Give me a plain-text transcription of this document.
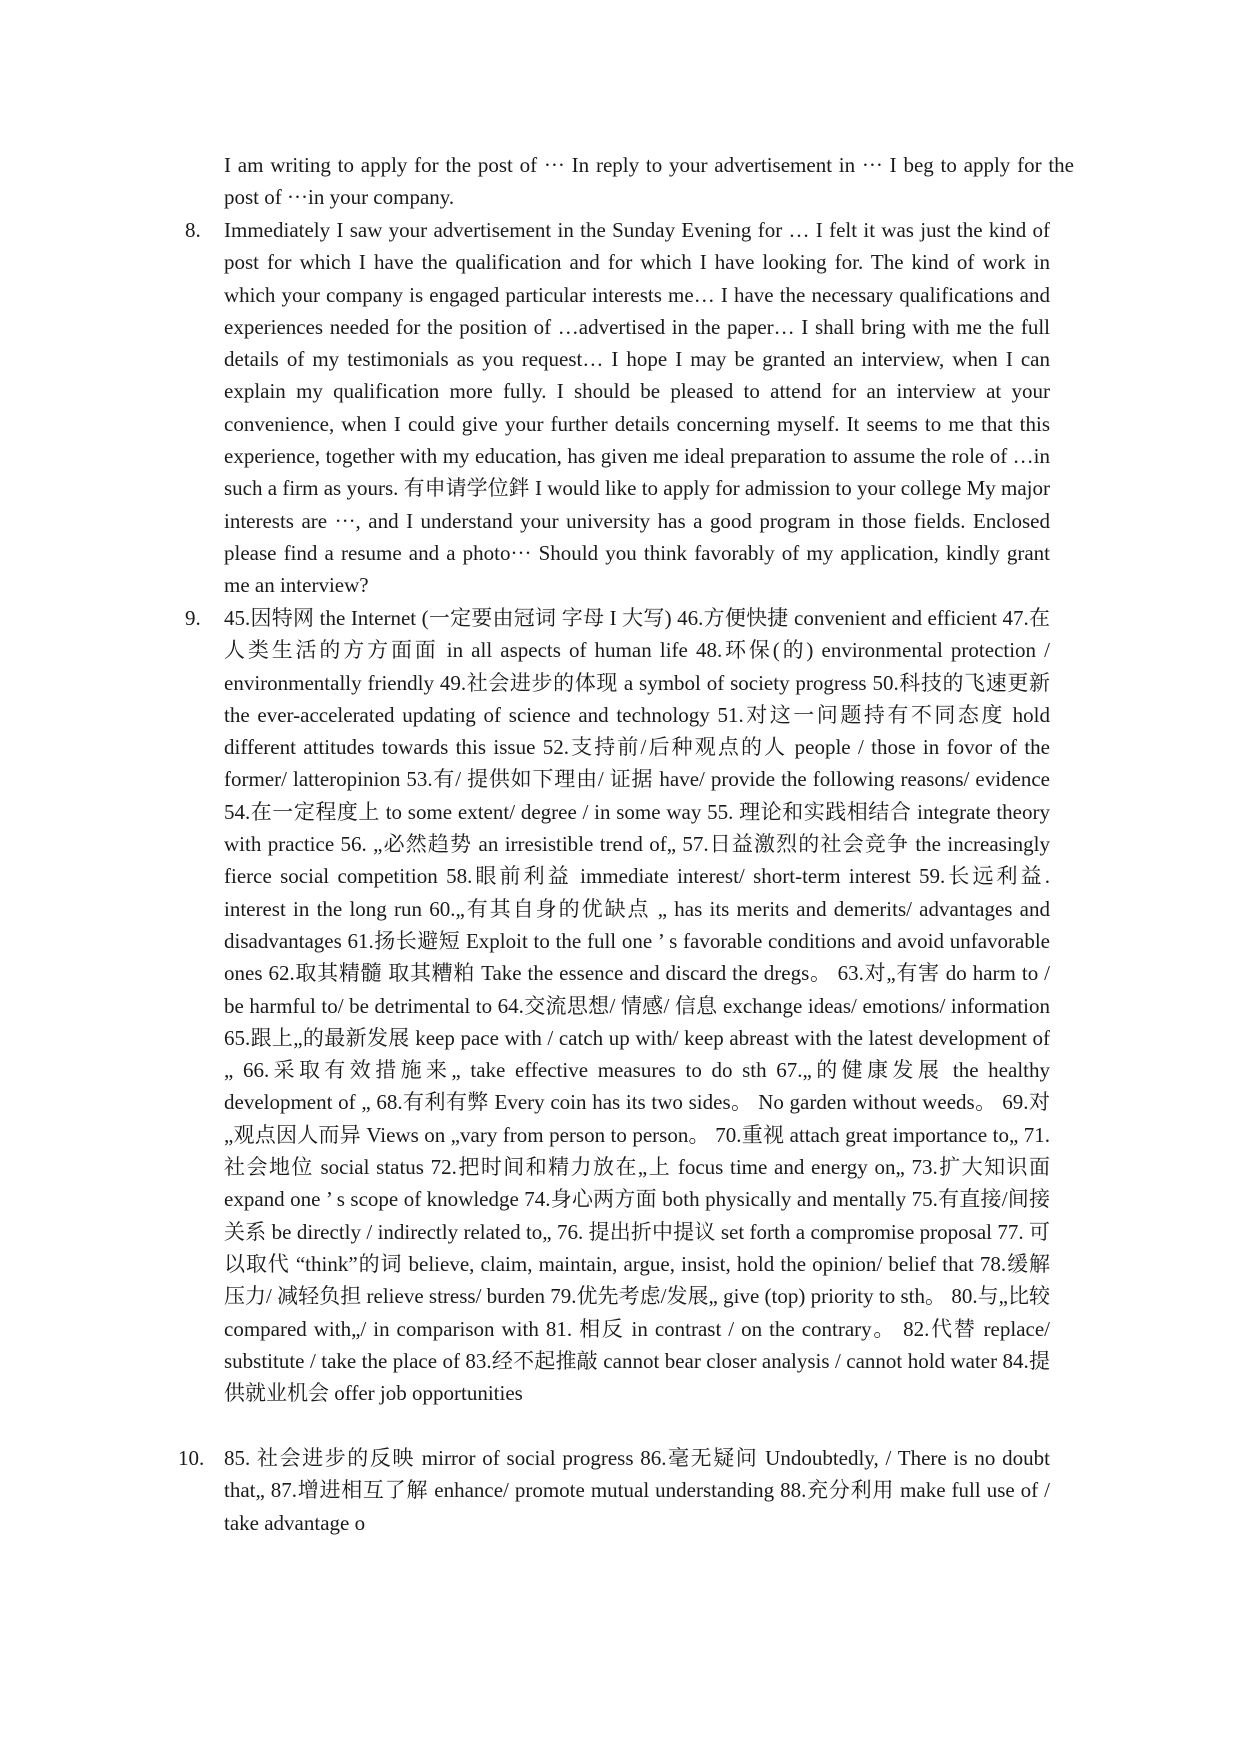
I am writing to apply for the post of ··· In reply to your advertisement in ··· I beg to apply for the post of ···in your company.
8.	Immediately I saw your advertisement in the Sunday Evening for … I felt it was just the kind of post for which I have the qualification and for which I have looking for. The kind of work in which your company is engaged particular interests me… I have the necessary qualifications and experiences needed for the position of …advertised in the paper… I shall bring with me the full details of my testimonials as you request… I hope I may be granted an interview, when I can explain my qualification more fully. I should be pleased to attend for an interview at your convenience, when I could give your further details concerning myself. It seems to me that this experience, together with my education, has given me ideal preparation to assume the role of …in such a firm as yours. 有申请学位鉡 I would like to apply for admission to your college My major interests are ···, and I understand your university has a good program in those fields. Enclosed please find a resume and a photo··· Should you think favorably of my application, kindly grant me an interview?
9.	45.因特网 the Internet (一定要由冠词 字母 I 大写) 46.方便快捷 convenient and efficient 47.在人类生活的方方面面 in all aspects of human life 48.环保(的) environmental protection / environmentally friendly 49.社会进步的体现 a symbol of society progress 50.科技的飞速更新 the ever-accelerated updating of science and technology 51.对这一问题持有不同态度 hold different attitudes towards this issue 52.支持前/后种观点的人 people / those in fovor of the former/ latteropinion 53.有/ 提供如下理由/ 证据 have/ provide the following reasons/ evidence 54.在一定程度上 to some extent/ degree / in some way 55. 理论和实践相结合 integrate theory with practice 56. „必然趋势 an irresistible trend of„ 57.日益激烈的社会竞争 the increasingly fierce social competition 58.眼前利益 immediate interest/ short-term interest 59.长远利益. interest in the long run 60.„有其自身的优缺点 „ has its merits and demerits/ advantages and disadvantages 61.扬长避短 Exploit to the full one ’ s favorable conditions and avoid unfavorable ones 62.取其精髓 取其糟粕 Take the essence and discard the dregs。 63.对„有害 do harm to / be harmful to/ be detrimental to 64.交流思想/ 情感/ 信息 exchange ideas/ emotions/ information 65.跟上„的最新发展 keep pace with / catch up with/ keep abreast with the latest development of „ 66.采取有效措施来„ take effective measures to do sth 67.„的健康发展 the healthy development of „ 68.有利有弊 Every coin has its two sides。 No garden without weeds。 69.对„观点因人而异 Views on „vary from person to person。 70.重视 attach great importance to„ 71.社会地位 social status 72.把时间和精力放在„上 focus time and energy on„ 73.扩大知识面 expand one ’ s scope of knowledge 74.身心两方面 both physically and mentally 75.有直接/间接关系 be directly / indirectly related to„ 76. 提出折中提议 set forth a compromise proposal 77. 可以取代 “think”的词 believe, claim, maintain, argue, insist, hold the opinion/ belief that 78.缓解压力/ 减轻负担 relieve stress/ burden 79.优先考虑/发展„ give (top) priority to sth。 80.与„比较 compared with„/ in comparison with 81. 相反 in contrast / on the contrary。 82.代替 replace/ substitute / take the place of 83.经不起推敲 cannot bear closer analysis / cannot hold water 84.提供就业机会 offer job opportunities
10. 85. 社会进步的反映 mirror of social progress 86.毫无疑问 Undoubtedly, / There is no doubt that„ 87.增进相互了解 enhance/ promote mutual understanding 88.充分利用 make full use of / take advantage o
